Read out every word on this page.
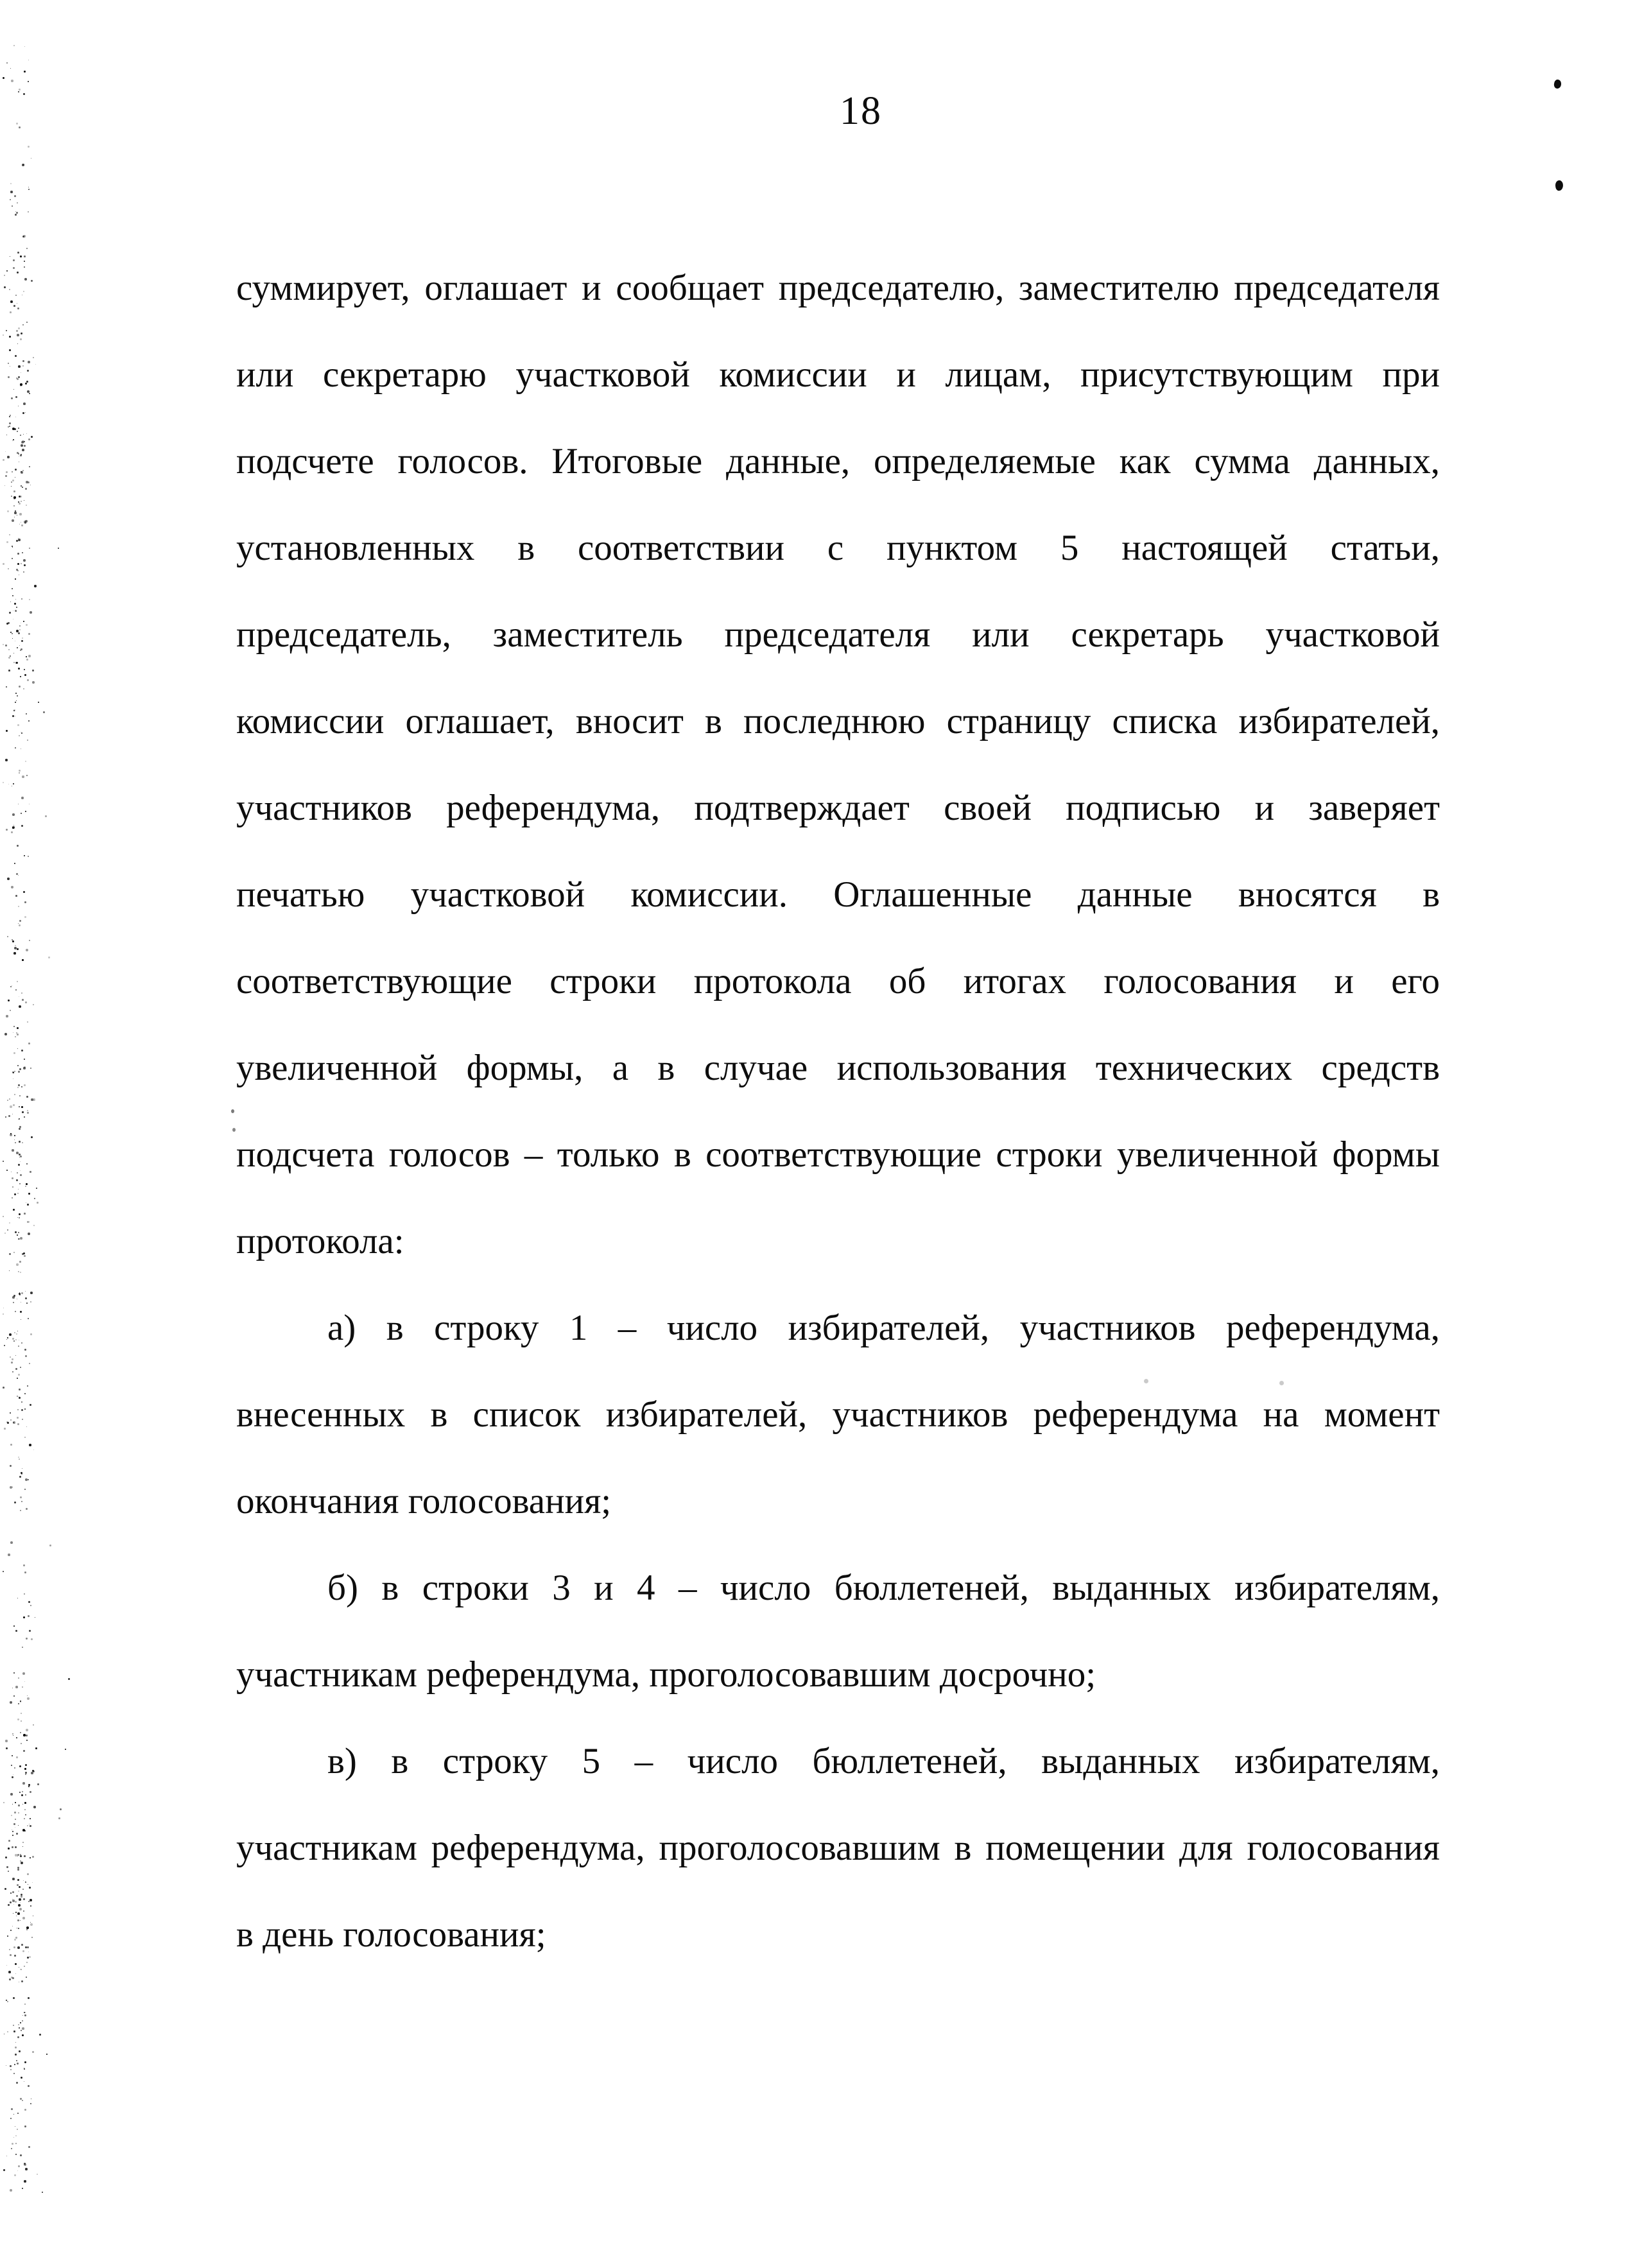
18
суммирует, оглашает и сообщает председателю, заместителю председателя
или секретарю участковой комиссии и лицам, присутствующим при
подсчете голосов. Итоговые данные, определяемые как сумма данных,
установленных в соответствии с пунктом 5 настоящей статьи,
председатель, заместитель председателя или секретарь участковой
комиссии оглашает, вносит в последнюю страницу списка избирателей,
участников референдума, подтверждает своей подписью и заверяет
печатью участковой комиссии. Оглашенные данные вносятся в
соответствующие строки протокола об итогах голосования и его
увеличенной формы, а в случае использования технических средств
подсчета голосов – только в соответствующие строки увеличенной формы
протокола:
а) в строку 1 – число избирателей, участников референдума,
внесенных в список избирателей, участников референдума на момент
окончания голосования;
б) в строки 3 и 4 – число бюллетеней, выданных избирателям,
участникам референдума, проголосовавшим досрочно;
в) в строку 5 – число бюллетеней, выданных избирателям,
участникам референдума, проголосовавшим в помещении для голосования
в день голосования;
